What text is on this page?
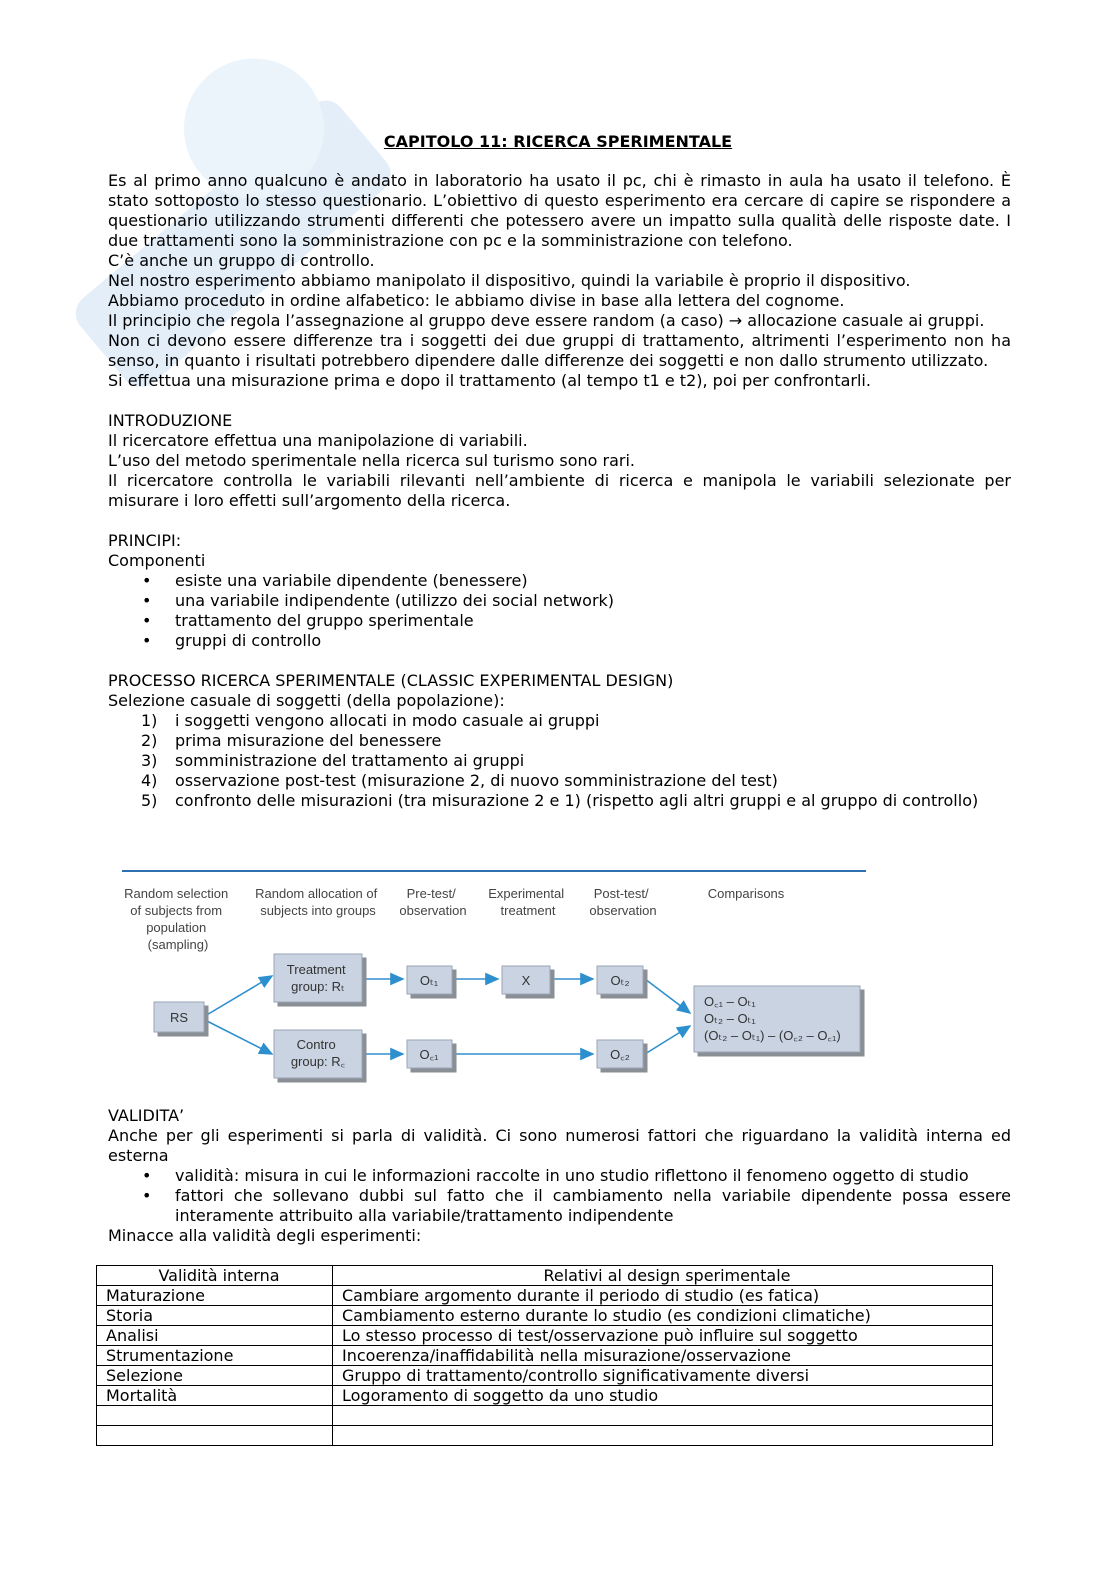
CAPITOLO 11: RICERCA SPERIMENTALE

Es al primo anno qualcuno è andato in laboratorio ha usato il pc, chi è rimasto in aula ha usato il telefono. È stato sottoposto lo stesso questionario. L’obiettivo di questo esperimento era cercare di capire se rispondere a questionario utilizzando strumenti differenti che potessero avere un impatto sulla qualità delle risposte date. I due trattamenti sono la somministrazione con pc e la somministrazione con telefono.

C’è anche un gruppo di controllo.

Nel nostro esperimento abbiamo manipolato il dispositivo, quindi la variabile è proprio il dispositivo.

Abbiamo proceduto in ordine alfabetico: le abbiamo divise in base alla lettera del cognome.

Il principio che regola l’assegnazione al gruppo deve essere random (a caso) → allocazione casuale ai gruppi.

Non ci devono essere differenze tra i soggetti dei due gruppi di trattamento, altrimenti l’esperimento non ha senso, in quanto i risultati potrebbero dipendere dalle differenze dei soggetti e non dallo strumento utilizzato.

Si effettua una misurazione prima e dopo il trattamento (al tempo t1 e t2), poi per confrontarli.

INTRODUZIONE

Il ricercatore effettua una manipolazione di variabili.

L’uso del metodo sperimentale nella ricerca sul turismo sono rari.

Il ricercatore controlla le variabili rilevanti nell’ambiente di ricerca e manipola le variabili selezionate per misurare i loro effetti sull’argomento della ricerca.

PRINCIPI:

Componenti

• esiste una variabile dipendente (benessere)
• una variabile indipendente (utilizzo dei social network)
• trattamento del gruppo sperimentale
• gruppi di controllo

PROCESSO RICERCA SPERIMENTALE (CLASSIC EXPERIMENTAL DESIGN)

Selezione casuale di soggetti (della popolazione):

1) i soggetti vengono allocati in modo casuale ai gruppi
2) prima misurazione del benessere
3) somministrazione del trattamento ai gruppi
4) osservazione post-test (misurazione 2, di nuovo somministrazione del test)
5) confronto delle misurazioni (tra misurazione 2 e 1) (rispetto agli altri gruppi e al gruppo di controllo)
Random selection of subjects from population (sampling)
Random allocation of subjects into groups
Pre-test/ observation
Experimental treatment
Post-test/ observation
Comparisons
RS
Treatment group: Rₜ
Contro group: R꜀
Oₜ₁	X	Oₜ₂
O꜀₁	O꜀₂
O꜀₁ – Oₜ₁ Oₜ₂ – Oₜ₁ (Oₜ₂ – Oₜ₁) – (O꜀₂ – O꜀₁)

VALIDITA’

Anche per gli esperimenti si parla di validità. Ci sono numerosi fattori che riguardano la validità interna ed esterna

• validità: misura in cui le informazioni raccolte in uno studio riflettono il fenomeno oggetto di studio
• fattori che sollevano dubbi sul fatto che il cambiamento nella variabile dipendente possa essere interamente attribuito alla variabile/trattamento indipendente

Minacce alla validità degli esperimenti:

Validità interna	Relativi al design sperimentale
Maturazione	Cambiare argomento durante il periodo di studio (es fatica)
Storia	Cambiamento esterno durante lo studio (es condizioni climatiche)
Analisi	Lo stesso processo di test/osservazione può influire sul soggetto
Strumentazione	Incoerenza/inaffidabilità nella misurazione/osservazione
Selezione	Gruppo di trattamento/controllo significativamente diversi
Mortalità	Logoramento di soggetto da uno studio
